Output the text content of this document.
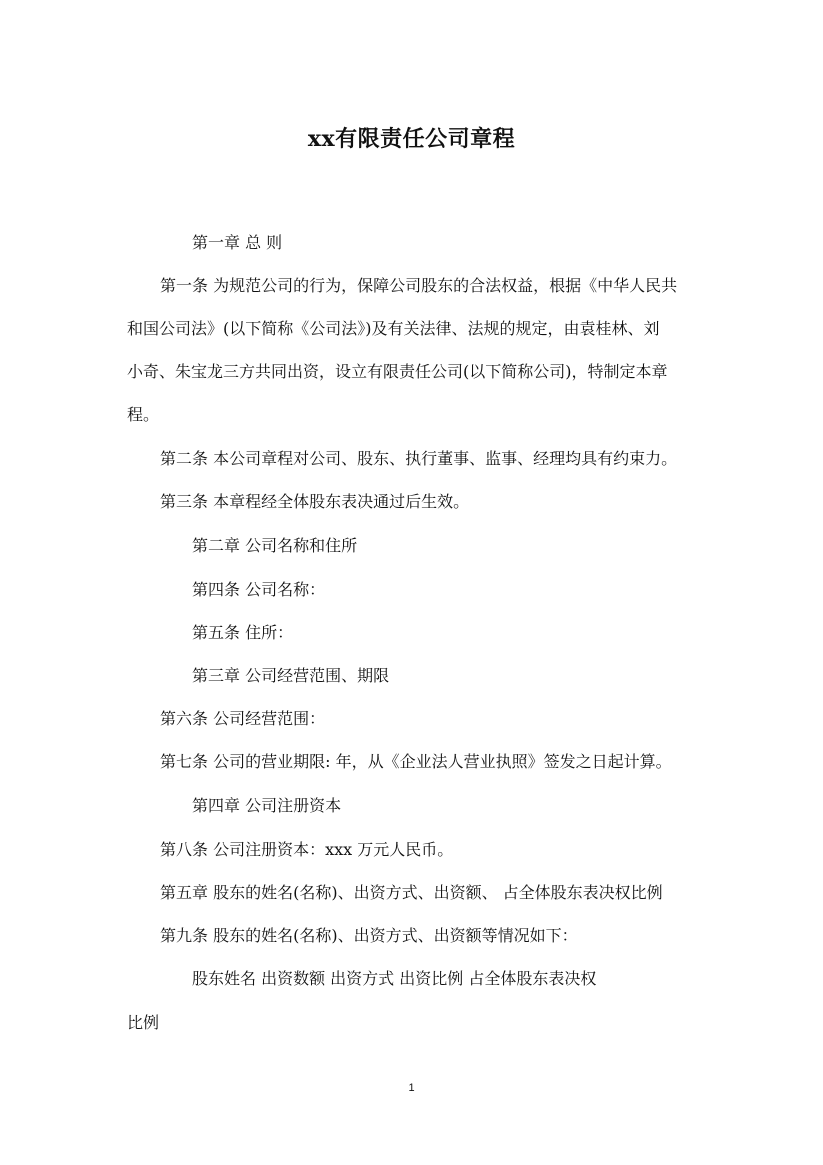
xx有限责任公司章程
第一章 总 则
第一条 为规范公司的行为，保障公司股东的合法权益，根据《中华人民共
和国公司法》(以下简称《公司法》)及有关法律、法规的规定，由袁桂林、刘
小奇、朱宝龙三方共同出资，设立有限责任公司(以下简称公司)，特制定本章
程。
第二条 本公司章程对公司、股东、执行董事、监事、经理均具有约束力。
第三条 本章程经全体股东表决通过后生效。
第二章 公司名称和住所
第四条 公司名称：
第五条 住所：
第三章 公司经营范围、期限
第六条 公司经营范围：
第七条 公司的营业期限: 年，从《企业法人营业执照》签发之日起计算。
第四章 公司注册资本
第八条 公司注册资本：xxx 万元人民币。
第五章 股东的姓名(名称)、出资方式、出资额、 占全体股东表决权比例
第九条 股东的姓名(名称)、出资方式、出资额等情况如下：
股东姓名 出资数额 出资方式 出资比例 占全体股东表决权
比例
1
